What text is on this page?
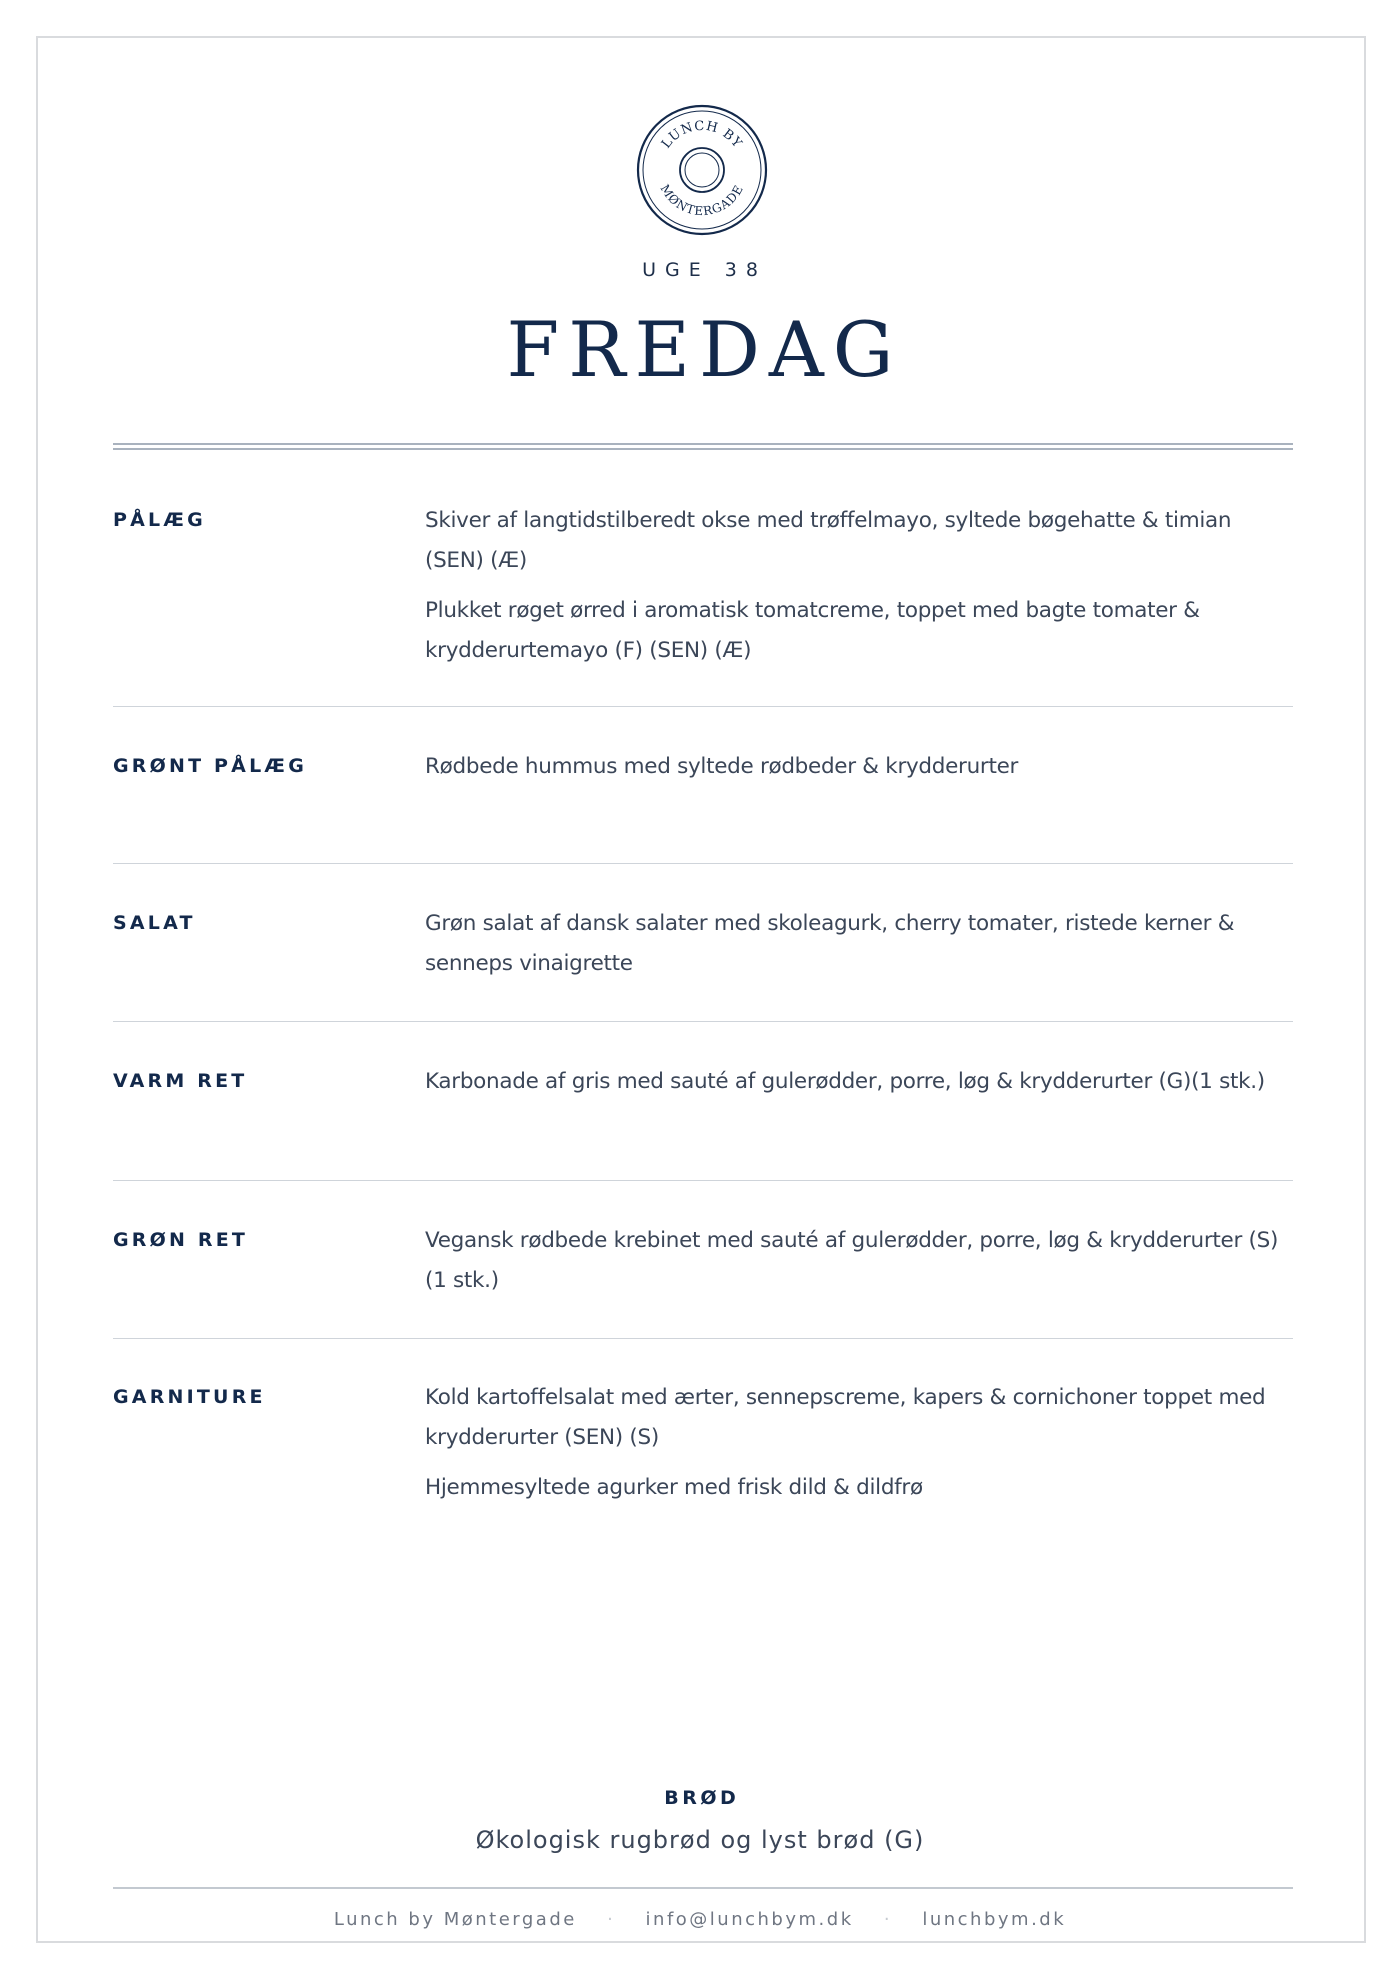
LUNCH BY
MØNTERGADE
UGE 38
FREDAG
PÅLÆG	Skiver af langtidstilberedt okse med trøffelmayo, syltede bøgehatte & timian (SEN) (Æ)

Plukket røget ørred i aromatisk tomatcreme, toppet med bagte tomater & krydderurtemayo (F) (SEN) (Æ)

GRØNT PÅLÆG	Rødbede hummus med syltede rødbeder & krydderurter

SALAT	Grøn salat af dansk salater med skoleagurk, cherry tomater, ristede kerner & senneps vinaigrette

VARM RET	Karbonade af gris med sauté af gulerødder, porre, løg & krydderurter (G)(1 stk.)

GRØN RET	Vegansk rødbede krebinet med sauté af gulerødder, porre, løg & krydderurter (S)(1 stk.)

GARNITURE	Kold kartoffelsalat med ærter, sennepscreme, kapers & cornichoner toppet med krydderurter (SEN) (S)

Hjemmesyltede agurker med frisk dild & dildfrø

BRØD
Økologisk rugbrød og lyst brød (G)
Lunch by Møntergade · info@lunchbym.dk · lunchbym.dk
